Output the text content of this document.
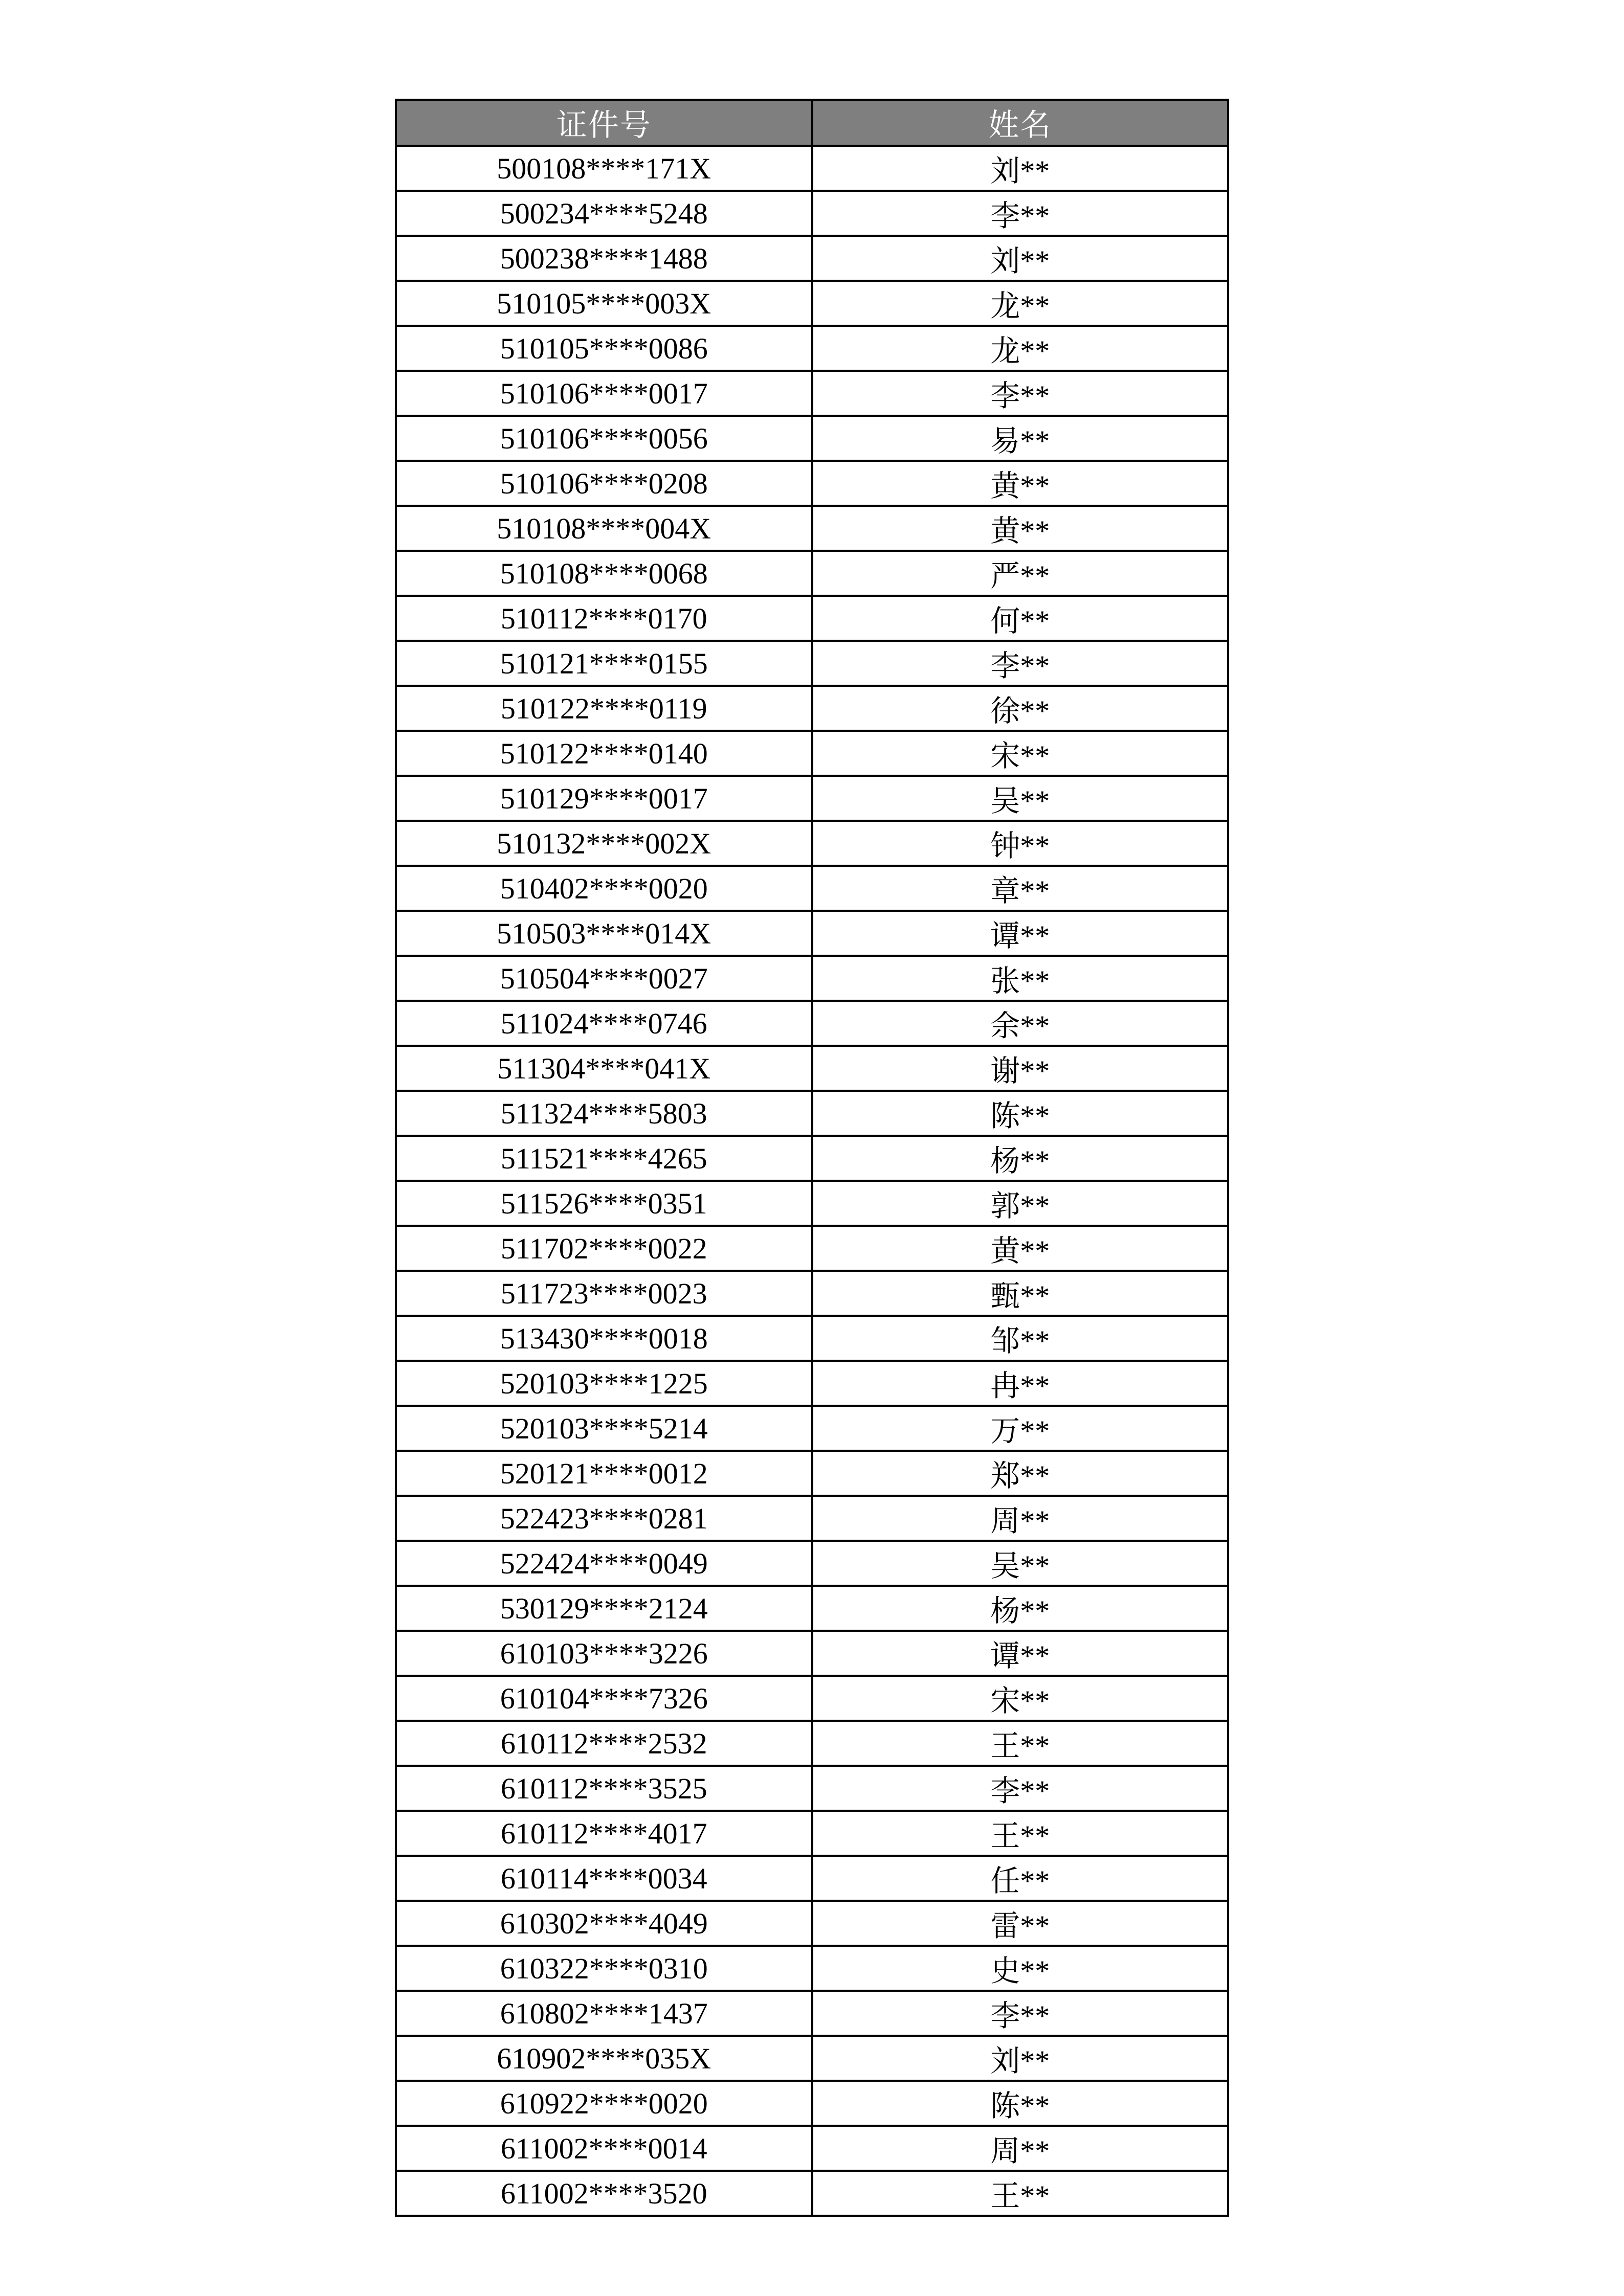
证件号	姓名
500108****171X	刘**
500234****5248	李**
500238****1488	刘**
510105****003X	龙**
510105****0086	龙**
510106****0017	李**
510106****0056	易**
510106****0208	黄**
510108****004X	黄**
510108****0068	严**
510112****0170	何**
510121****0155	李**
510122****0119	徐**
510122****0140	宋**
510129****0017	吴**
510132****002X	钟**
510402****0020	章**
510503****014X	谭**
510504****0027	张**
511024****0746	余**
511304****041X	谢**
511324****5803	陈**
511521****4265	杨**
511526****0351	郭**
511702****0022	黄**
511723****0023	甄**
513430****0018	邹**
520103****1225	冉**
520103****5214	万**
520121****0012	郑**
522423****0281	周**
522424****0049	吴**
530129****2124	杨**
610103****3226	谭**
610104****7326	宋**
610112****2532	王**
610112****3525	李**
610112****4017	王**
610114****0034	任**
610302****4049	雷**
610322****0310	史**
610802****1437	李**
610902****035X	刘**
610922****0020	陈**
611002****0014	周**
611002****3520	王**
